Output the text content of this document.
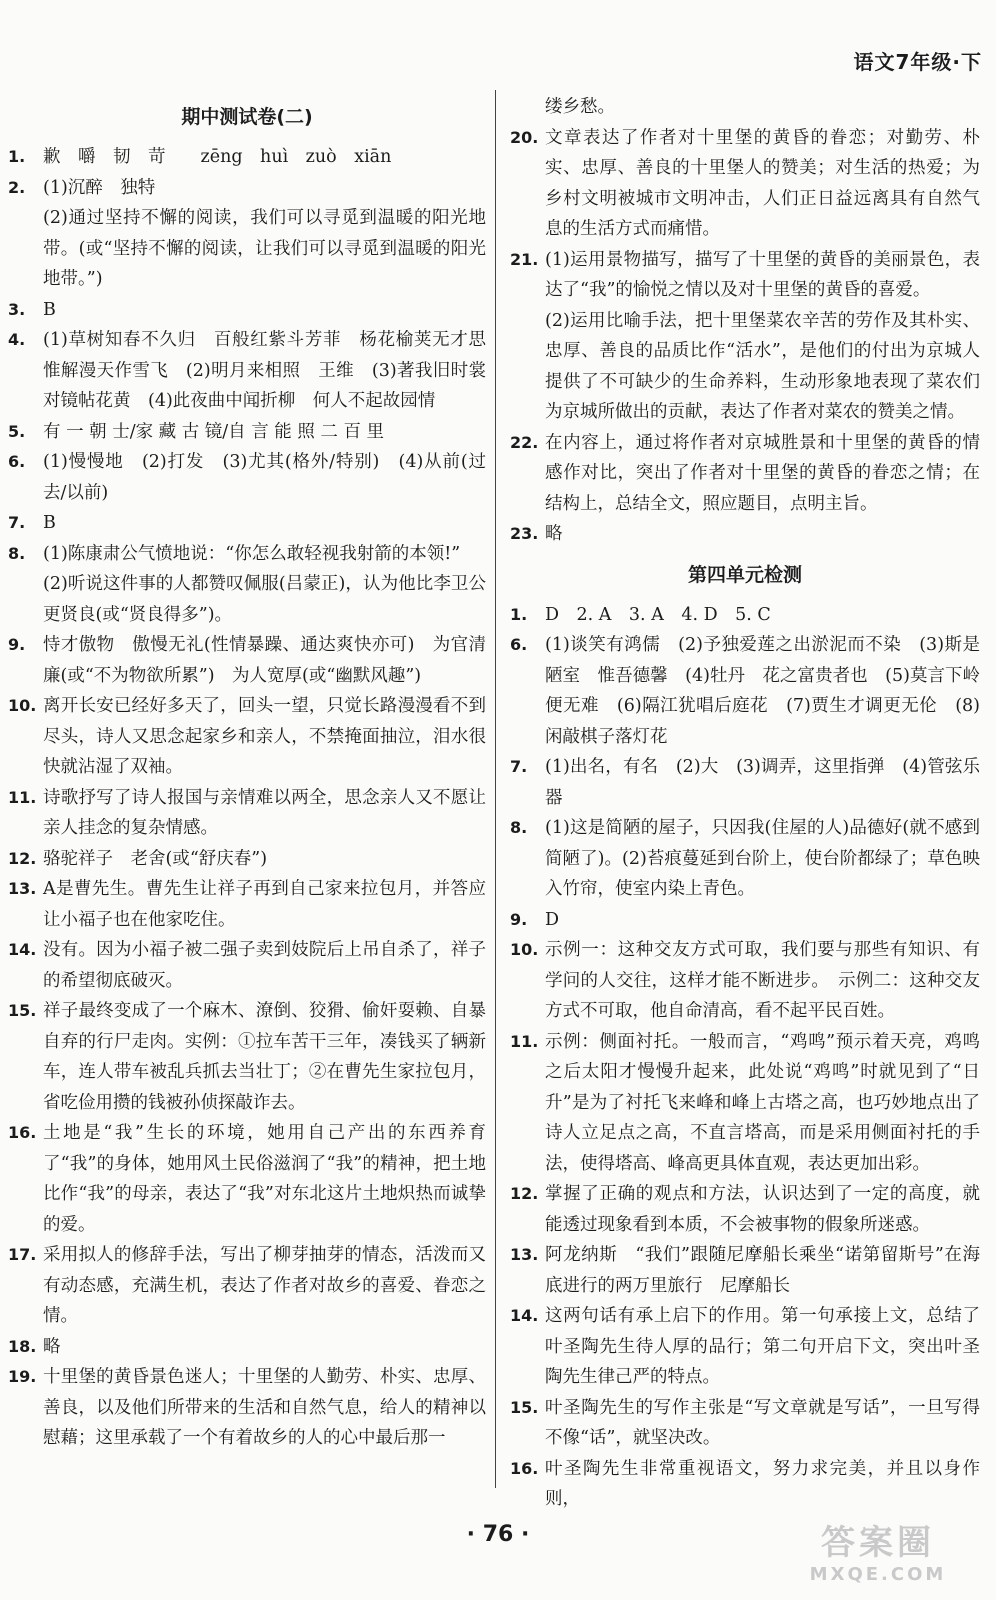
语文7年级·下
期中测试卷(二)
1. 歉　嚼　韧　苛　　zēng　huì　zuò　xiān
2. (1)沉醉　独特
(2)通过坚持不懈的阅读，我们可以寻觅到温暖的阳光地带。(或“坚持不懈的阅读，让我们可以寻觅到温暖的阳光地带。”)
3. B
4. (1)草树知春不久归　百般红紫斗芳菲　杨花榆荚无才思　惟解漫天作雪飞　(2)明月来相照　王维　(3)著我旧时裳　对镜帖花黄　(4)此夜曲中闻折柳　何人不起故园情
5. 有 一 朝 士/家 藏 古 镜/自 言 能 照 二 百 里
6. (1)慢慢地　(2)打发　(3)尤其(格外/特别)　(4)从前(过去/以前)
7. B
8. (1)陈康肃公气愤地说：“你怎么敢轻视我射箭的本领!”
(2)听说这件事的人都赞叹佩服(吕蒙正)，认为他比李卫公更贤良(或“贤良得多”)。
9. 恃才傲物　傲慢无礼(性情暴躁、通达爽快亦可)　为官清廉(或“不为物欲所累”)　为人宽厚(或“幽默风趣”)
10. 离开长安已经好多天了，回头一望，只觉长路漫漫看不到尽头，诗人又思念起家乡和亲人，不禁掩面抽泣，泪水很快就沾湿了双袖。
11. 诗歌抒写了诗人报国与亲情难以两全，思念亲人又不愿让亲人挂念的复杂情感。
12. 骆驼祥子　老舍(或“舒庆春”)
13. A是曹先生。曹先生让祥子再到自己家来拉包月，并答应让小福子也在他家吃住。
14. 没有。因为小福子被二强子卖到妓院后上吊自杀了，祥子的希望彻底破灭。
15. 祥子最终变成了一个麻木、潦倒、狡猾、偷奸耍赖、自暴自弃的行尸走肉。实例：①拉车苦干三年，凑钱买了辆新车，连人带车被乱兵抓去当壮丁；②在曹先生家拉包月，省吃俭用攒的钱被孙侦探敲诈去。
16. 土地是“我”生长的环境，她用自己产出的东西养育了“我”的身体，她用风土民俗滋润了“我”的精神，把土地比作“我”的母亲，表达了“我”对东北这片土地炽热而诚挚的爱。
17. 采用拟人的修辞手法，写出了柳芽抽芽的情态，活泼而又有动态感，充满生机，表达了作者对故乡的喜爱、眷恋之情。
18. 略
19. 十里堡的黄昏景色迷人；十里堡的人勤劳、朴实、忠厚、善良，以及他们所带来的生活和自然气息，给人的精神以慰藉；这里承载了一个有着故乡的人的心中最后那一
缕乡愁。
20. 文章表达了作者对十里堡的黄昏的眷恋；对勤劳、朴实、忠厚、善良的十里堡人的赞美；对生活的热爱；为乡村文明被城市文明冲击，人们正日益远离具有自然气息的生活方式而痛惜。
21. (1)运用景物描写，描写了十里堡的黄昏的美丽景色，表达了“我”的愉悦之情以及对十里堡的黄昏的喜爱。
(2)运用比喻手法，把十里堡菜农辛苦的劳作及其朴实、忠厚、善良的品质比作“活水”，是他们的付出为京城人提供了不可缺少的生命养料，生动形象地表现了菜农们为京城所做出的贡献，表达了作者对菜农的赞美之情。
22. 在内容上，通过将作者对京城胜景和十里堡的黄昏的情感作对比，突出了作者对十里堡的黄昏的眷恋之情；在结构上，总结全文，照应题目，点明主旨。
23. 略
第四单元检测
1. D　2. A　3. A　4. D　5. C
6. (1)谈笑有鸿儒　(2)予独爱莲之出淤泥而不染　(3)斯是陋室　惟吾德馨　(4)牡丹　花之富贵者也　(5)莫言下岭便无难　(6)隔江犹唱后庭花　(7)贾生才调更无伦　(8)闲敲棋子落灯花
7. (1)出名，有名　(2)大　(3)调弄，这里指弹　(4)管弦乐器
8. (1)这是简陋的屋子，只因我(住屋的人)品德好(就不感到简陋了)。(2)苔痕蔓延到台阶上，使台阶都绿了；草色映入竹帘，使室内染上青色。
9. D
10. 示例一：这种交友方式可取，我们要与那些有知识、有学问的人交往，这样才能不断进步。　示例二：这种交友方式不可取，他自命清高，看不起平民百姓。
11. 示例：侧面衬托。一般而言，“鸡鸣”预示着天亮，鸡鸣之后太阳才慢慢升起来，此处说“鸡鸣”时就见到了“日升”是为了衬托飞来峰和峰上古塔之高，也巧妙地点出了诗人立足点之高，不直言塔高，而是采用侧面衬托的手法，使得塔高、峰高更具体直观，表达更加出彩。
12. 掌握了正确的观点和方法，认识达到了一定的高度，就能透过现象看到本质，不会被事物的假象所迷惑。
13. 阿龙纳斯　“我们”跟随尼摩船长乘坐“诺第留斯号”在海底进行的两万里旅行　尼摩船长
14. 这两句话有承上启下的作用。第一句承接上文，总结了叶圣陶先生待人厚的品行；第二句开启下文，突出叶圣陶先生律己严的特点。
15. 叶圣陶先生的写作主张是“写文章就是写话”，一旦写得不像“话”，就坚决改。
16. 叶圣陶先生非常重视语文，努力求完美，并且以身作则，
· 76 ·	答案圈
MXQE.COM
